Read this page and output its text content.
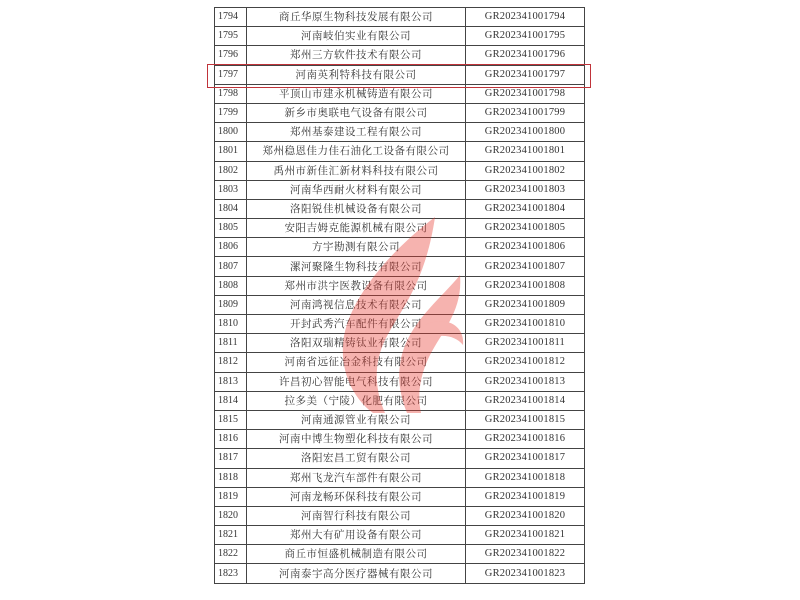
1794	商丘华原生物科技发展有限公司	GR202341001794
1795	河南岐伯实业有限公司	GR202341001795
1796	郑州三方软件技术有限公司	GR202341001796
1797	河南英利特科技有限公司	GR202341001797
1798	平顶山市建永机械铸造有限公司	GR202341001798
1799	新乡市奥联电气设备有限公司	GR202341001799
1800	郑州基泰建设工程有限公司	GR202341001800
1801	郑州稳恩佳力佳石油化工设备有限公司	GR202341001801
1802	禹州市新佳汇新材料科技有限公司	GR202341001802
1803	河南华西耐火材料有限公司	GR202341001803
1804	洛阳锐佳机械设备有限公司	GR202341001804
1805	安阳吉姆克能源机械有限公司	GR202341001805
1806	方宇勘测有限公司	GR202341001806
1807	漯河聚隆生物科技有限公司	GR202341001807
1808	郑州市洪宇医教设备有限公司	GR202341001808
1809	河南鸿视信息技术有限公司	GR202341001809
1810	开封武秀汽车配件有限公司	GR202341001810
1811	洛阳双瑞精铸钛业有限公司	GR202341001811
1812	河南省远征冶金科技有限公司	GR202341001812
1813	许昌初心智能电气科技有限公司	GR202341001813
1814	拉多美（宁陵）化肥有限公司	GR202341001814
1815	河南通源管业有限公司	GR202341001815
1816	河南中博生物塑化科技有限公司	GR202341001816
1817	洛阳宏昌工贸有限公司	GR202341001817
1818	郑州飞龙汽车部件有限公司	GR202341001818
1819	河南龙畅环保科技有限公司	GR202341001819
1820	河南智行科技有限公司	GR202341001820
1821	郑州大有矿用设备有限公司	GR202341001821
1822	商丘市恒盛机械制造有限公司	GR202341001822
1823	河南泰宇高分医疗器械有限公司	GR202341001823
